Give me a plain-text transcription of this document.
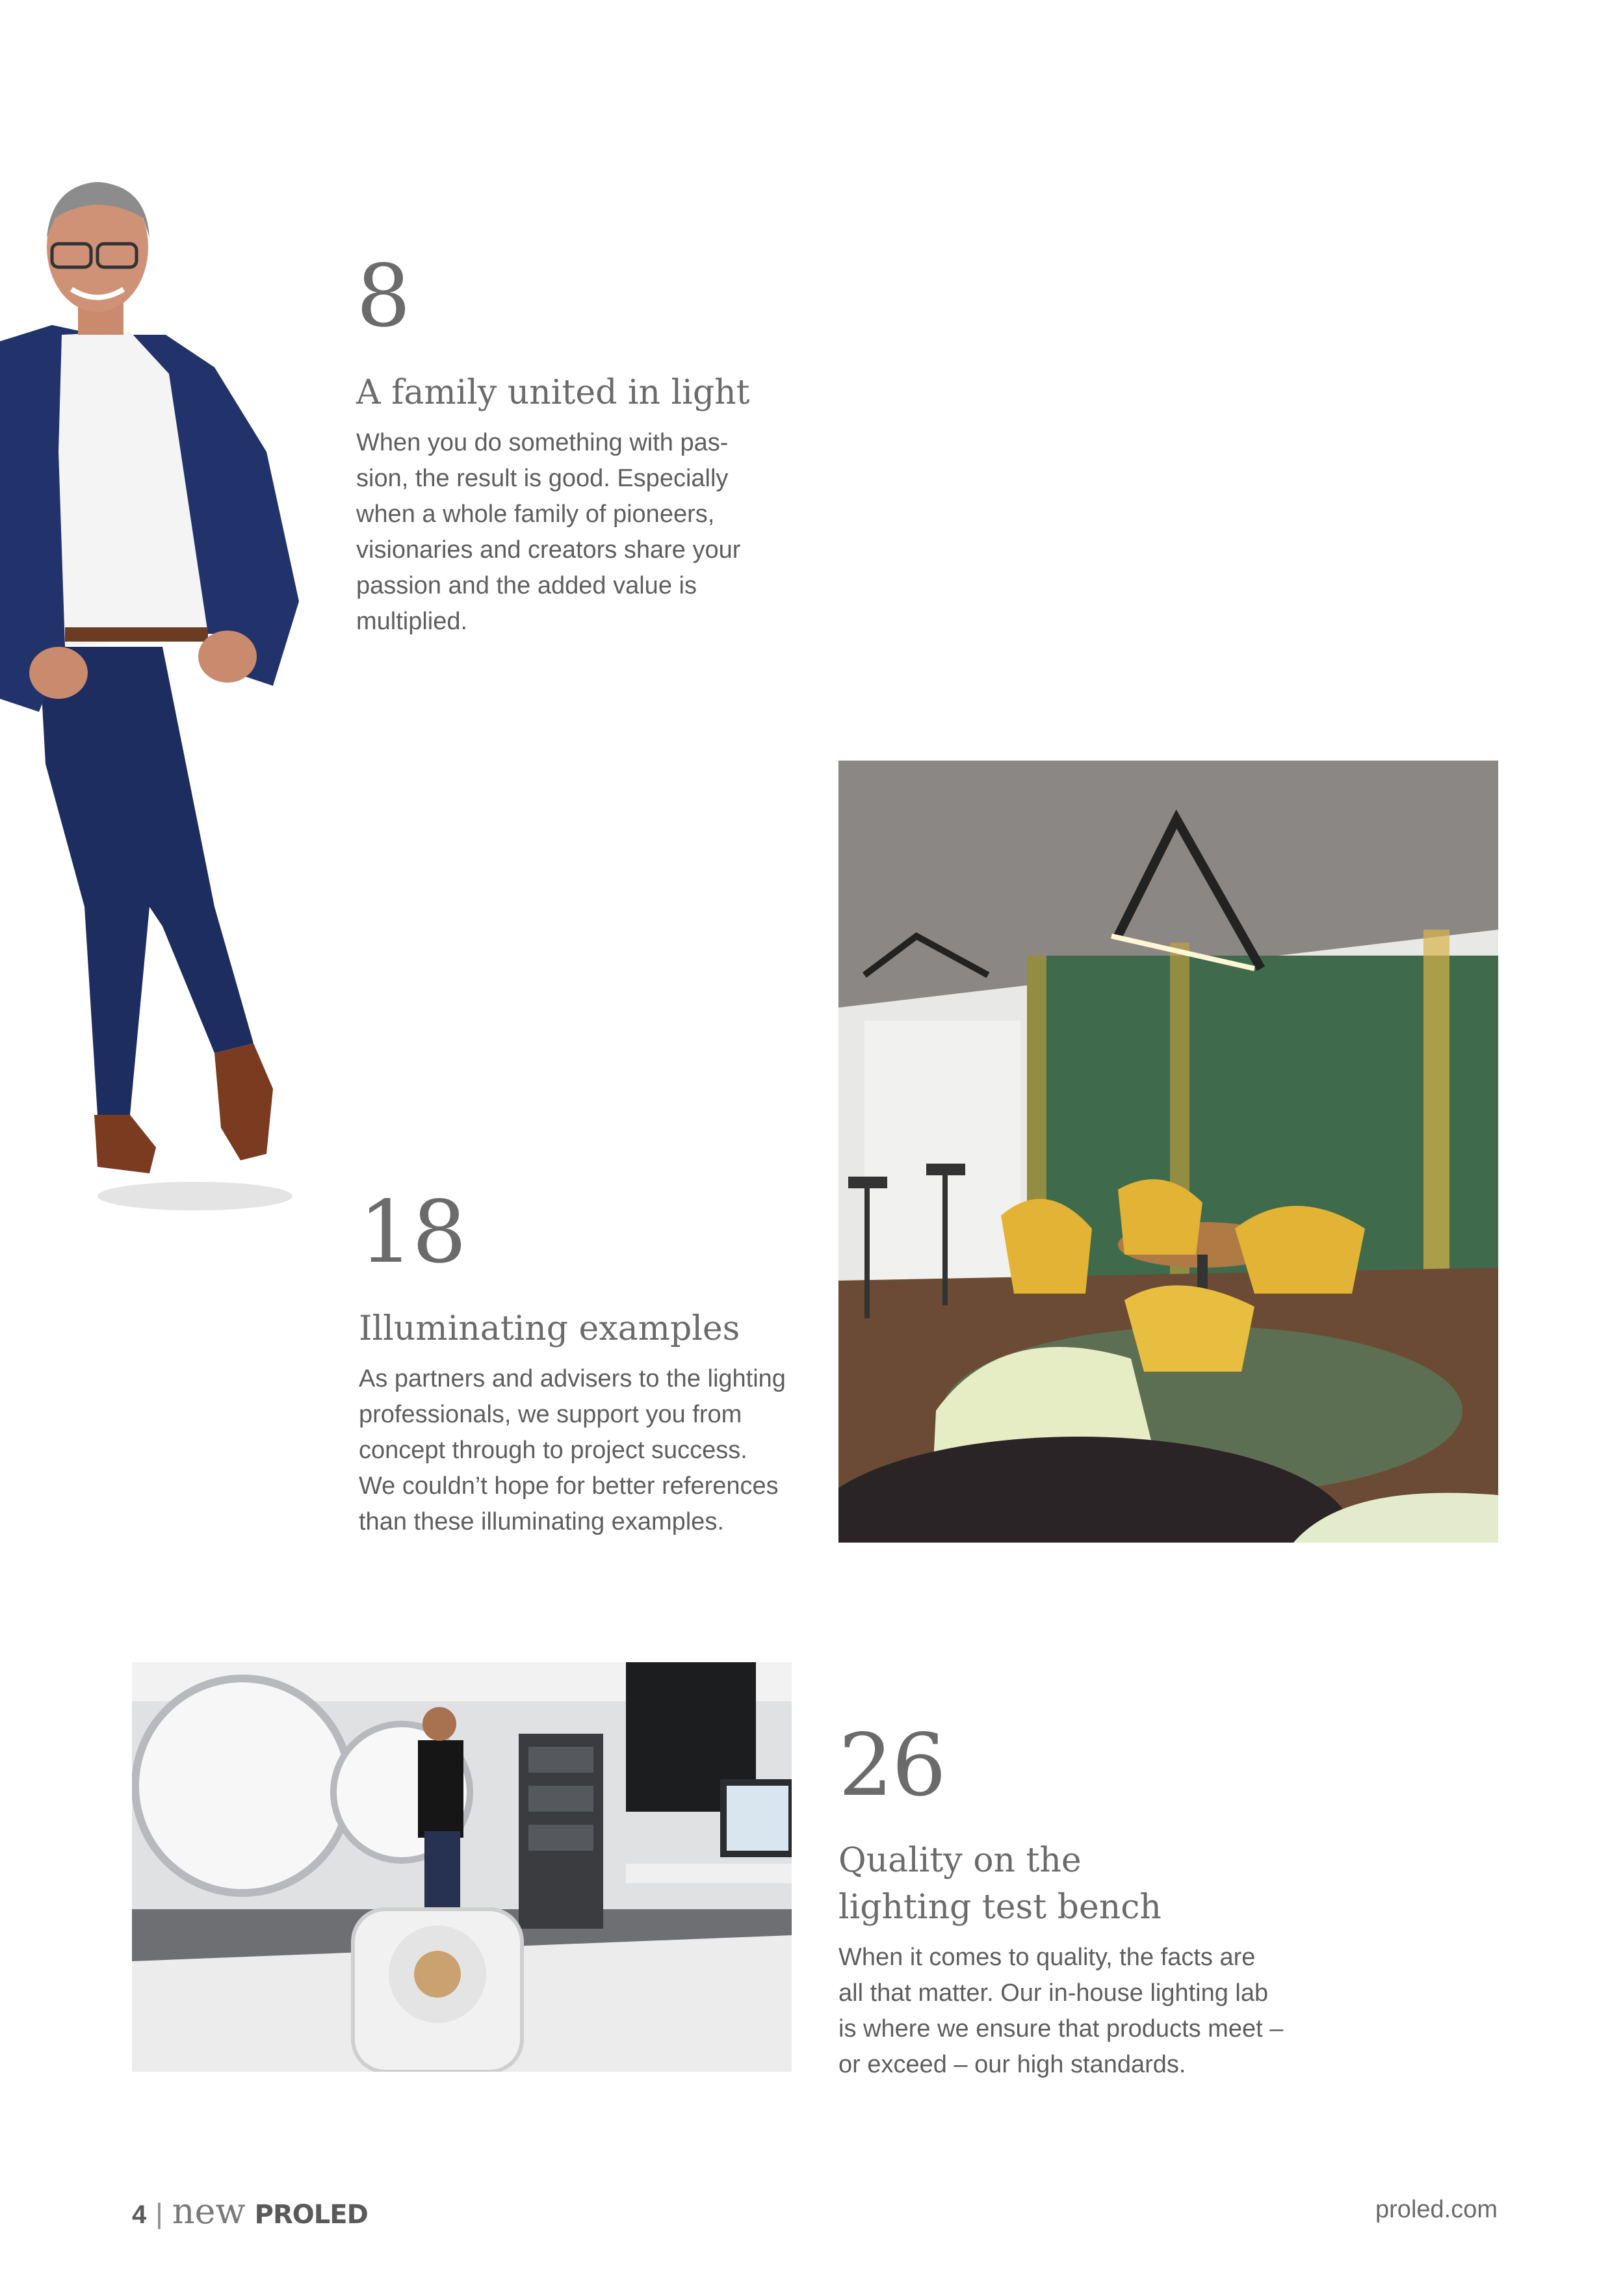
8
A family united in light

When you do something with pas-
sion, the result is good. Especially
when a whole family of pioneers,
visionaries and creators share your
passion and the added value is
multiplied.

18
Illuminating examples

As partners and advisers to the lighting
professionals, we support you from
concept through to project success.
We couldn’t hope for better references
than these illuminating examples.

26
Quality on the
lighting test bench

When it comes to quality, the facts are
all that matter. Our in-house lighting lab
is where we ensure that products meet –
or exceed – our high standards.

4 | new PROLED	proled.com
